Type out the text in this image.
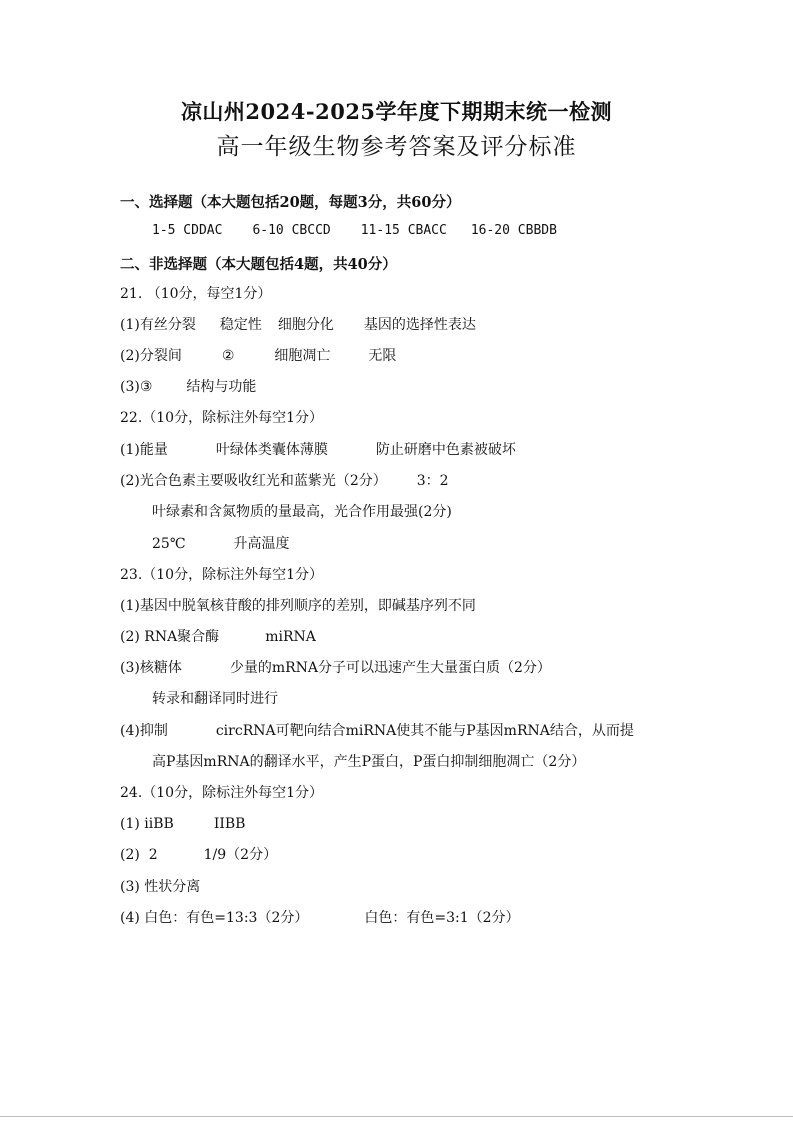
凉山州2024-2025学年度下期期末统一检测
高一年级生物参考答案及评分标准
一、选择题（本大题包括20题，每题3分，共60分）
1-5 CDDAC 6-10 CBCCD 11-15 CBACC 16-20 CBBDB
二、非选择题（本大题包括4题，共40分）
21. （10分，每空1分）
(1)有丝分裂 稳定性 细胞分化 基因的选择性表达
(2)分裂间	②	细胞凋亡	无限
(3)③ 结构与功能
22.（10分，除标注外每空1分）
(1)能量	叶绿体类囊体薄膜	防止研磨中色素被破坏
(2)光合色素主要吸收红光和蓝紫光（2分） 3：2
叶绿素和含氮物质的量最高，光合作用最强(2分)
25℃	升高温度
23.（10分，除标注外每空1分）
(1)基因中脱氧核苷酸的排列顺序的差别，即碱基序列不同
(2) RNA聚合酶	miRNA
(3)核糖体	少量的mRNA分子可以迅速产生大量蛋白质（2分）
转录和翻译同时进行
(4)抑制	circRNA可靶向结合miRNA使其不能与P基因mRNA结合，从而提
高P基因mRNA的翻译水平，产生P蛋白，P蛋白抑制细胞凋亡（2分）
24.（10分，除标注外每空1分）
(1) iiBB	IIBB
(2)  2	1/9（2分）
(3) 性状分离
(4) 白色：有色=13:3（2分）	白色：有色=3:1（2分）
